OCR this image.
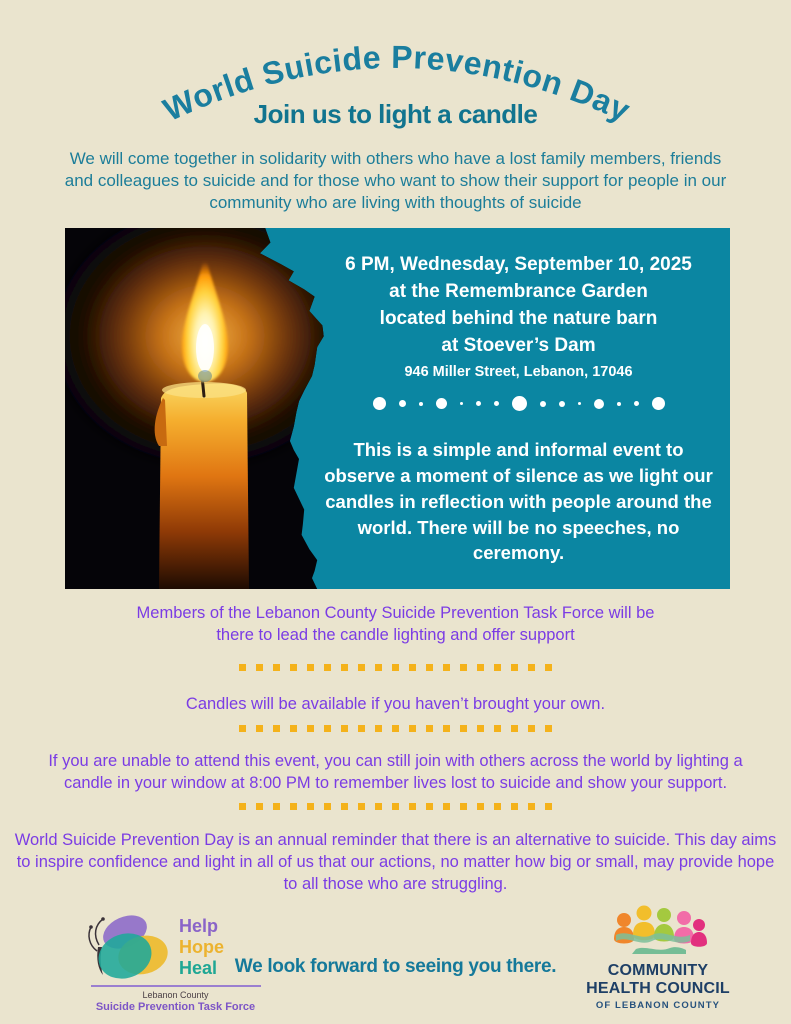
World Suicide Prevention Day
Join us to light a candle

We will come together in solidarity with others who have a lost family members, friends and colleagues to suicide and for those who want to show their support for people in our community who are living with thoughts of suicide

6 PM, Wednesday, September 10, 2025
at the Remembrance Garden
located behind the nature barn
at Stoever’s Dam
946 Miller Street, Lebanon, 17046
This is a simple and informal event to observe a moment of silence as we light our candles in reflection with people around the world. There will be no speeches, no ceremony.

Members of the Lebanon County Suicide Prevention Task Force will be there to lead the candle lighting and offer support

Candles will be available if you haven’t brought your own.

If you are unable to attend this event, you can still join with others across the world by lighting a candle in your window at 8:00 PM to remember lives lost to suicide and show your support.

World Suicide Prevention Day is an annual reminder that there is an alternative to suicide. This day aims to inspire confidence and light in all of us that our actions, no matter how big or small, may provide hope to all those who are struggling.

Help
Hope
Heal
Lebanon County
Suicide Prevention Task Force
We look forward to seeing you there.	COMMUNITY
HEALTH COUNCIL
OF LEBANON COUNTY
